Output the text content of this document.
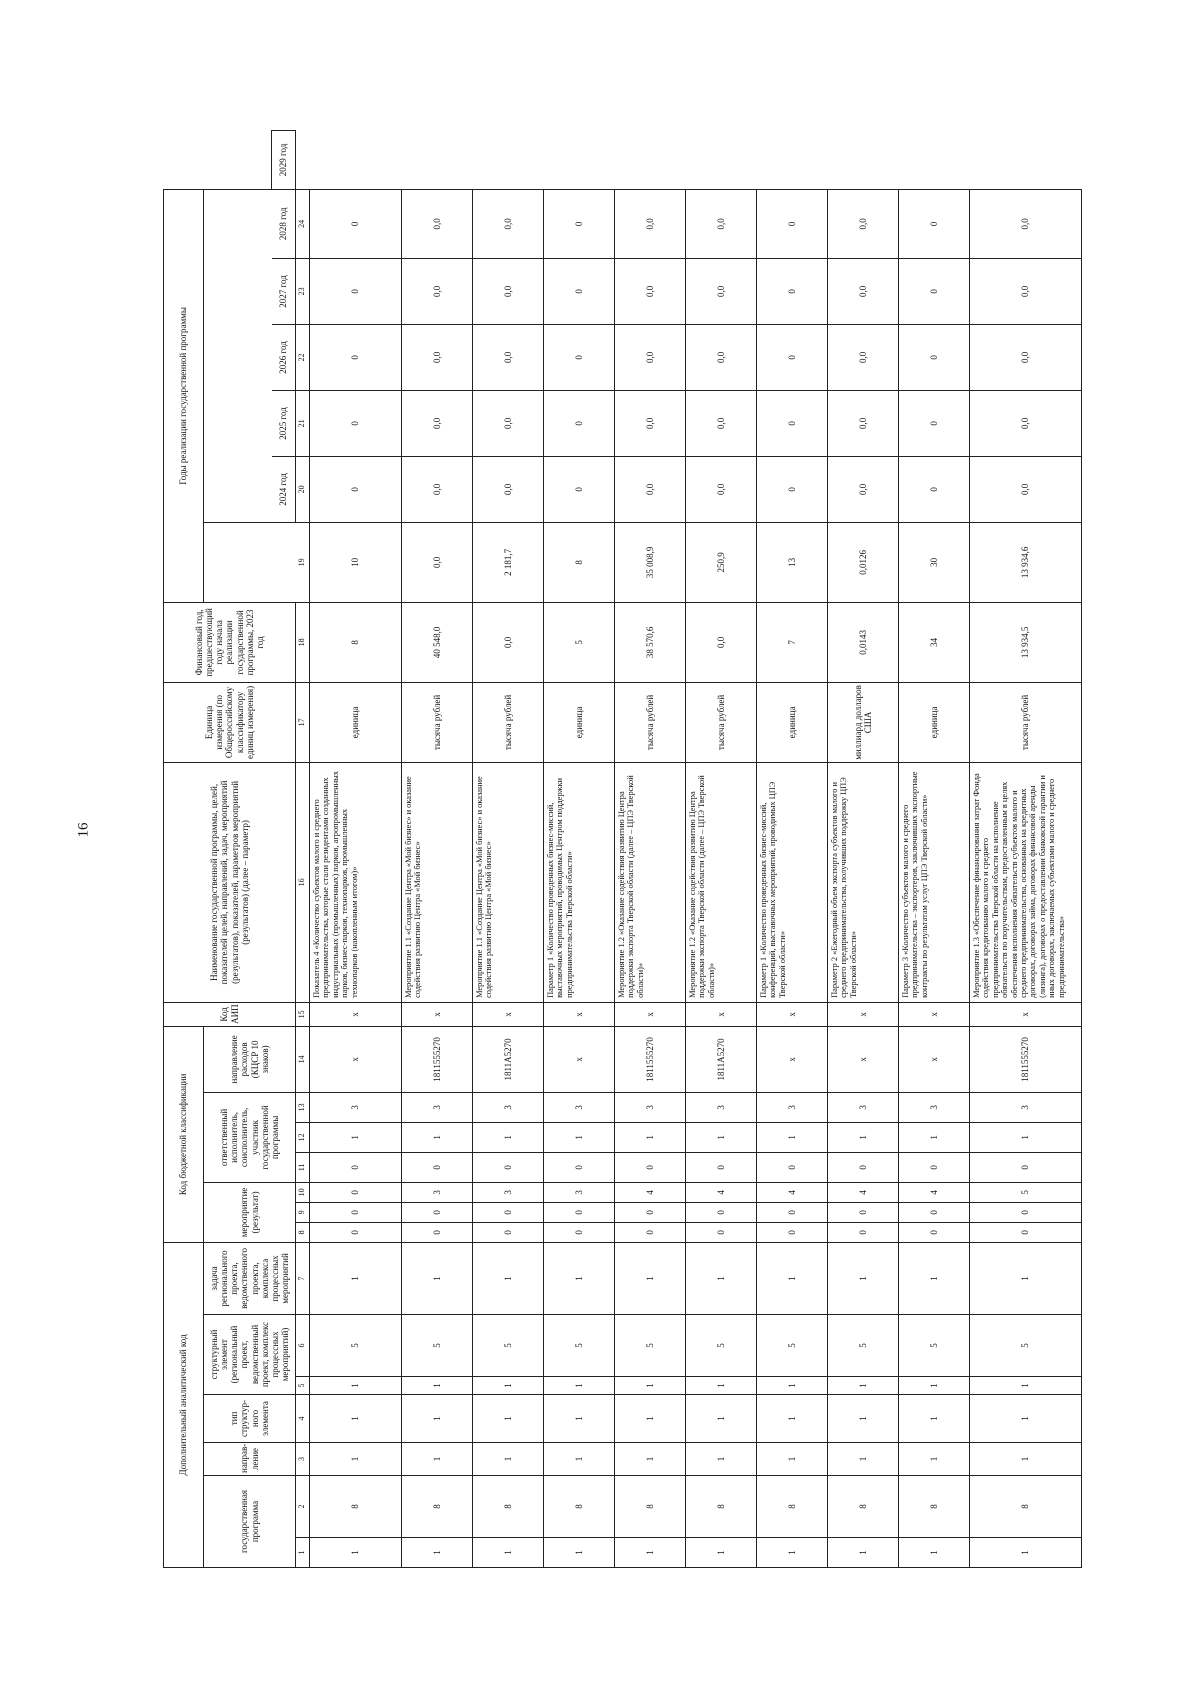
16
Дополнительный аналитический код							Код бюджетной классификации							Код АИП	Наименование государственной программы, целей, показателей целей, направлений, задач, мероприятий (результатов), показателей, параметров мероприятий (результатов) (далее – параметр)	Единица измерения (по Общероссийскому классификатору единиц измерения)	Финансовый год, предшествующий году начала реализации государственной программы, 2023 год	Годы реализации государственной программы						
государственная программа		направ-ление	тип структур-ного элемента	структурный элемент (региональный проект, ведомственный проект, комплекс процессных мероприятий)		задача регионального проекта, ведомственного проекта, комплекса процессных мероприятий	мероприятие (результат)			ответственный исполнитель, соисполнитель, участник государственной программы			направление расходов (КЦСР 10 знаков)											
																			2024 год	2025 год	2026 год	2027 год	2028 год	2029 год
1	2	3	4	5	6	7	8	9	10	11	12	13	14	15	16	17	18	19	20	21	22	23	24	
1	8	1	1	1	5	1	0	0	0	0	1	3	х	х	Показатель 4 «Количество субъектов малого и среднего предпринимательства, которые стали резидентами созданных индустриальных (промышленных) парков, агропромышленных парков, бизнес-парков, технопарков, промышленных технопарков (накопленным итогом)»	единица	8	10	0	0	0	0	0	
1	8	1	1	1	5	1	0	0	3	0	1	3	1811555270	х	Мероприятие 1.1 «Создание Центра «Мой бизнес» и оказание содействия развитию Центра «Мой бизнес»	тысяча рублей	40 548,0	0,0	0,0	0,0	0,0	0,0	0,0	
1	8	1	1	1	5	1	0	0	3	0	1	3	1811А5270	х	Мероприятие 1.1 «Создание Центра «Мой бизнес» и оказание содействия развитию Центра «Мой бизнес»	тысяча рублей	0,0	2 181,7	0,0	0,0	0,0	0,0	0,0	
1	8	1	1	1	5	1	0	0	3	0	1	3	х	х	Параметр 1 «Количество проведенных бизнес-миссий, выставочных мероприятий, проводимых Центром поддержки предпринимательства Тверской области»	единица	5	8	0	0	0	0	0	
1	8	1	1	1	5	1	0	0	4	0	1	3	1811555270	х	Мероприятие 1.2 «Оказание содействия развитию Центра поддержки экспорта Тверской области (далее – ЦПЭ Тверской области)»	тысяча рублей	38 570,6	35 008,9	0,0	0,0	0,0	0,0	0,0	
1	8	1	1	1	5	1	0	0	4	0	1	3	1811А5270	х	Мероприятие 1.2 «Оказание содействия развитию Центра поддержки экспорта Тверской области (далее – ЦПЭ Тверской области)»	тысяча рублей	0,0	250,9	0,0	0,0	0,0	0,0	0,0	
1	8	1	1	1	5	1	0	0	4	0	1	3	х	х	Параметр 1 «Количество проведенных бизнес-миссий, конференций, выставочных мероприятий, проводимых ЦПЭ Тверской области»	единица	7	13	0	0	0	0	0	
1	8	1	1	1	5	1	0	0	4	0	1	3	х	х	Параметр 2 «Ежегодный объем экспорта субъектов малого и среднего предпринимательства, получивших поддержку ЦПЭ Тверской области»	миллиард долларов США	0,0143	0,0126	0,0	0,0	0,0	0,0	0,0	
1	8	1	1	1	5	1	0	0	4	0	1	3	х	х	Параметр 3 «Количество субъектов малого и среднего предпринимательства – экспортеров, заключивших экспортные контракты по результатам услуг ЦПЭ Тверской области»	единица	34	30	0	0	0	0	0	
1	8	1	1	1	5	1	0	0	5	0	1	3	1811555270	х	Мероприятие 1.3 «Обеспечение финансирования затрат Фонда содействия кредитованию малого и среднего предпринимательства Тверской области на исполнение обязательств по поручительствам, предоставленным в целях обеспечения исполнения обязательств субъектов малого и среднего предпринимательства, основанных на кредитных договорах, договорах займа, договорах финансовой аренды (лизинга), договорах о предоставлении банковской гарантии и иных договорах, заключаемых субъектами малого и среднего предпринимательства»	тысяча рублей	13 934,5	13 934,6	0,0	0,0	0,0	0,0	0,0	
